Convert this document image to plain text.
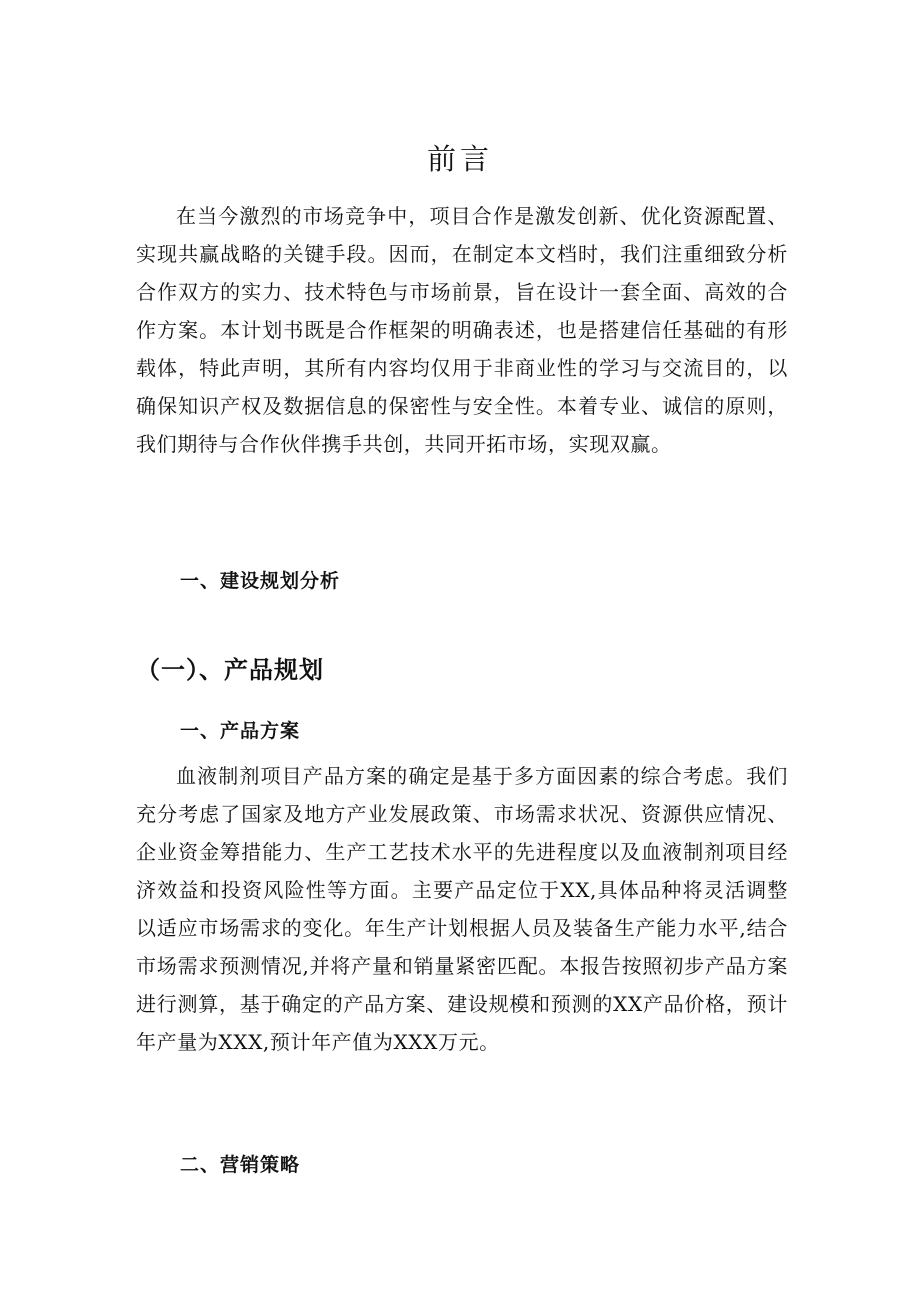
前言

在当今激烈的市场竞争中，项目合作是激发创新、优化资源配置、实现共赢战略的关键手段。因而，在制定本文档时，我们注重细致分析合作双方的实力、技术特色与市场前景，旨在设计一套全面、高效的合作方案。本计划书既是合作框架的明确表述，也是搭建信任基础的有形载体，特此声明，其所有内容均仅用于非商业性的学习与交流目的，以确保知识产权及数据信息的保密性与安全性。本着专业、诚信的原则，我们期待与合作伙伴携手共创，共同开拓市场，实现双赢。

一、建设规划分析
（一）、产品规划
一、产品方案

血液制剂项目产品方案的确定是基于多方面因素的综合考虑。我们充分考虑了国家及地方产业发展政策、市场需求状况、资源供应情况、企业资金筹措能力、生产工艺技术水平的先进程度以及血液制剂项目经济效益和投资风险性等方面。主要产品定位于XX,具体品种将灵活调整以适应市场需求的变化。年生产计划根据人员及装备生产能力水平,结合市场需求预测情况,并将产量和销量紧密匹配。本报告按照初步产品方案进行测算，基于确定的产品方案、建设规模和预测的XX产品价格，预计年产量为XXX,预计年产值为XXX万元。

二、营销策略
